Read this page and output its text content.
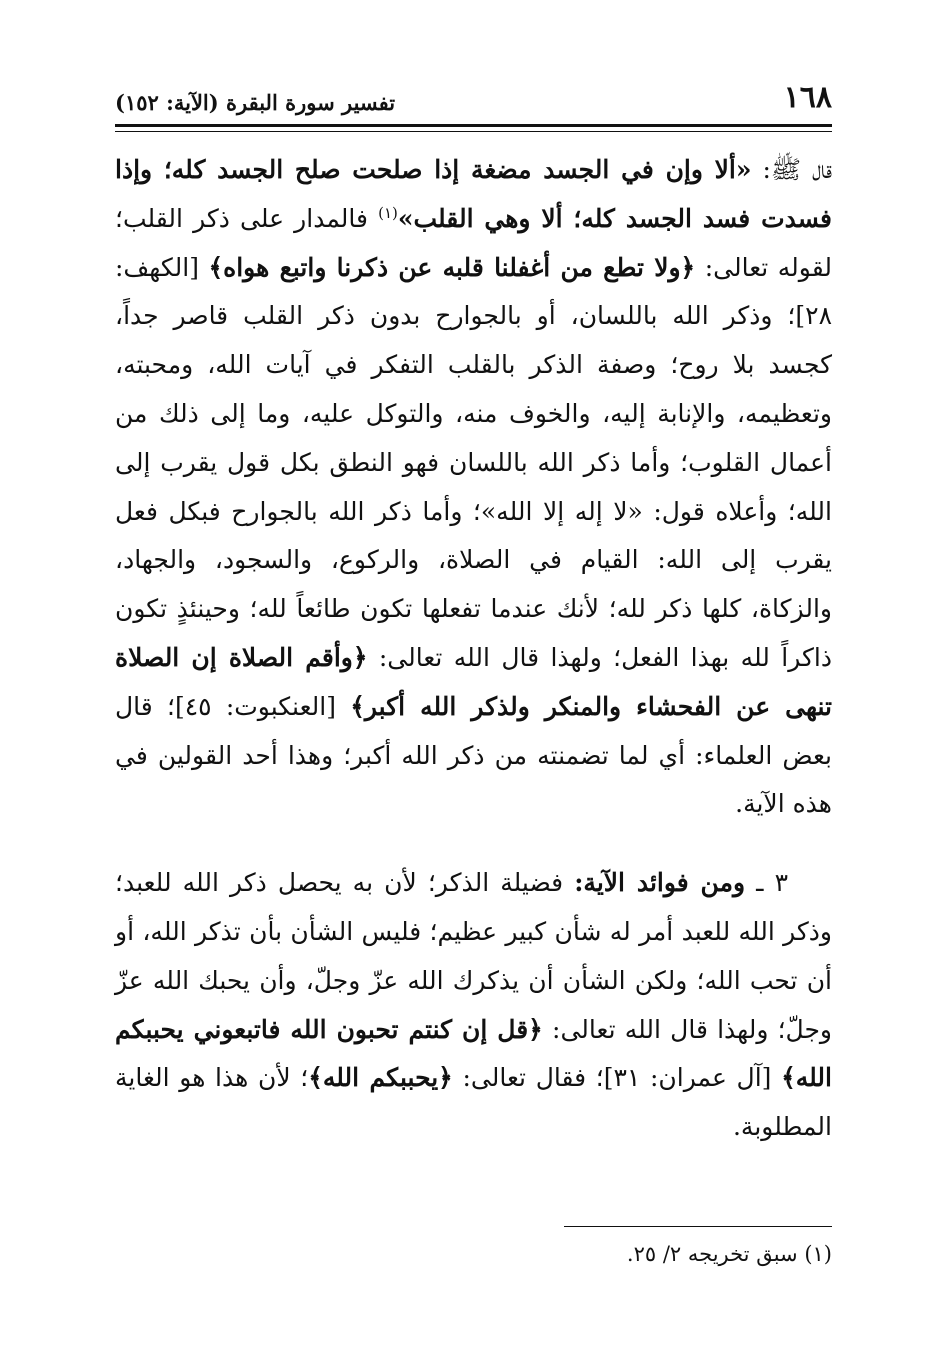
١٦٨
تفسير سورة البقرة (الآية: ١٥٢)

قال ﷺ: «ألا وإن في الجسد مضغة إذا صلحت صلح الجسد كله؛ وإذا فسدت فسد الجسد كله؛ ألا وهي القلب»$^{(١)}$ فالمدار على ذكر القلب؛ لقوله تعالى: ﴿ولا تطع من أغفلنا قلبه عن ذكرنا واتبع هواه﴾ [الكهف: ٢٨]؛ وذكر الله باللسان، أو بالجوارح بدون ذكر القلب قاصر جداً، كجسد بلا روح؛ وصفة الذكر بالقلب التفكر في آيات الله، ومحبته، وتعظيمه، والإنابة إليه، والخوف منه، والتوكل عليه، وما إلى ذلك من أعمال القلوب؛ وأما ذكر الله باللسان فهو النطق بكل قول يقرب إلى الله؛ وأعلاه قول: «لا إله إلا الله»؛ وأما ذكر الله بالجوارح فبكل فعل يقرب إلى الله: القيام في الصلاة، والركوع، والسجود، والجهاد، والزكاة، كلها ذكر لله؛ لأنك عندما تفعلها تكون طائعاً لله؛ وحينئذٍ تكون ذاكراً لله بهذا الفعل؛ ولهذا قال الله تعالى: ﴿وأقم الصلاة إن الصلاة تنهى عن الفحشاء والمنكر ولذكر الله أكبر﴾ [العنكبوت: ٤٥]؛ قال بعض العلماء: أي لما تضمنته من ذكر الله أكبر؛ وهذا أحد القولين في هذه الآية.

٣ ـ ومن فوائد الآية: فضيلة الذكر؛ لأن به يحصل ذكر الله للعبد؛ وذكر الله للعبد أمر له شأن كبير عظيم؛ فليس الشأن بأن تذكر الله، أو أن تحب الله؛ ولكن الشأن أن يذكرك الله عزّ وجلّ، وأن يحبك الله عزّ وجلّ؛ ولهذا قال الله تعالى: ﴿قل إن كنتم تحبون الله فاتبعوني يحببكم الله﴾ [آل عمران: ٣١]؛ فقال تعالى: ﴿يحببكم الله﴾؛ لأن هذا هو الغاية المطلوبة.

(١) سبق تخريجه ٢/ ٢٥.
